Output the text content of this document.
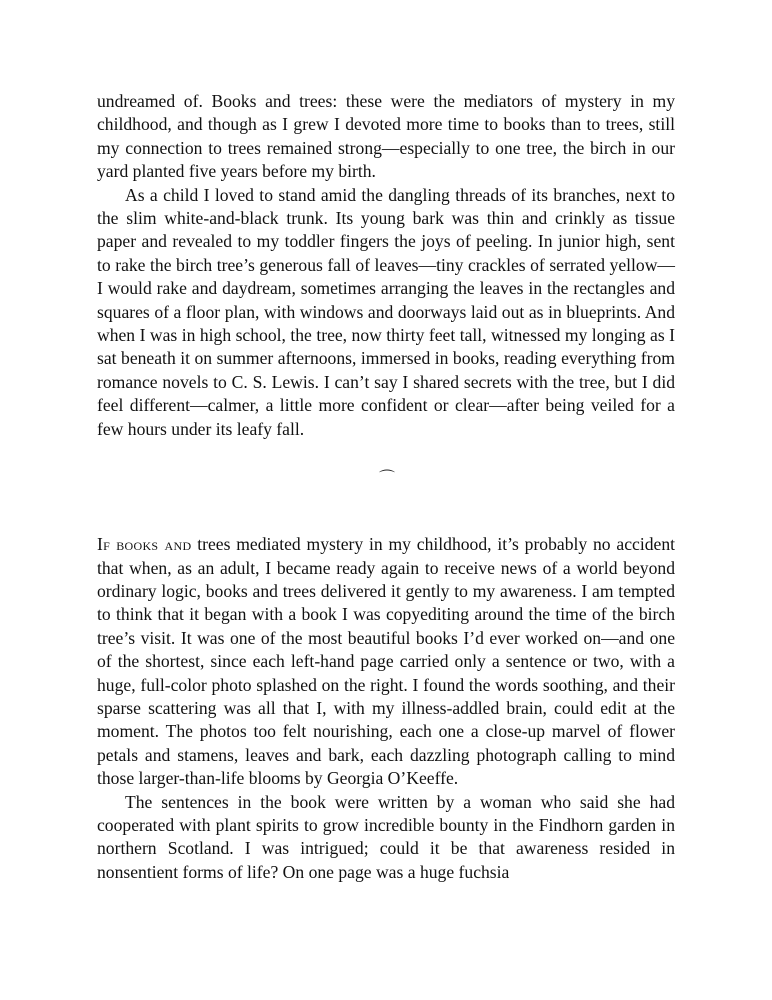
undreamed of. Books and trees: these were the mediators of mystery in my childhood, and though as I grew I devoted more time to books than to trees, still my connection to trees remained strong—especially to one tree, the birch in our yard planted five years before my birth.

As a child I loved to stand amid the dangling threads of its branches, next to the slim white-and-black trunk. Its young bark was thin and crinkly as tissue paper and revealed to my toddler fingers the joys of peeling. In junior high, sent to rake the birch tree’s generous fall of leaves—tiny crackles of serrated yellow—I would rake and daydream, sometimes arranging the leaves in the rectangles and squares of a floor plan, with windows and doorways laid out as in blueprints. And when I was in high school, the tree, now thirty feet tall, witnessed my longing as I sat beneath it on summer afternoons, immersed in books, reading everything from romance novels to C. S. Lewis. I can’t say I shared secrets with the tree, but I did feel different—calmer, a little more confident or clear—after being veiled for a few hours under its leafy fall.

⌒

If books and trees mediated mystery in my childhood, it’s probably no accident that when, as an adult, I became ready again to receive news of a world beyond ordinary logic, books and trees delivered it gently to my awareness. I am tempted to think that it began with a book I was copyediting around the time of the birch tree’s visit. It was one of the most beautiful books I’d ever worked on—and one of the shortest, since each left-hand page carried only a sentence or two, with a huge, full-color photo splashed on the right. I found the words soothing, and their sparse scattering was all that I, with my illness-addled brain, could edit at the moment. The photos too felt nourishing, each one a close-up marvel of flower petals and stamens, leaves and bark, each dazzling photograph calling to mind those larger-than-life blooms by Georgia O’Keeffe.

The sentences in the book were written by a woman who said she had cooperated with plant spirits to grow incredible bounty in the Findhorn garden in northern Scotland. I was intrigued; could it be that awareness resided in nonsentient forms of life? On one page was a huge fuchsia
